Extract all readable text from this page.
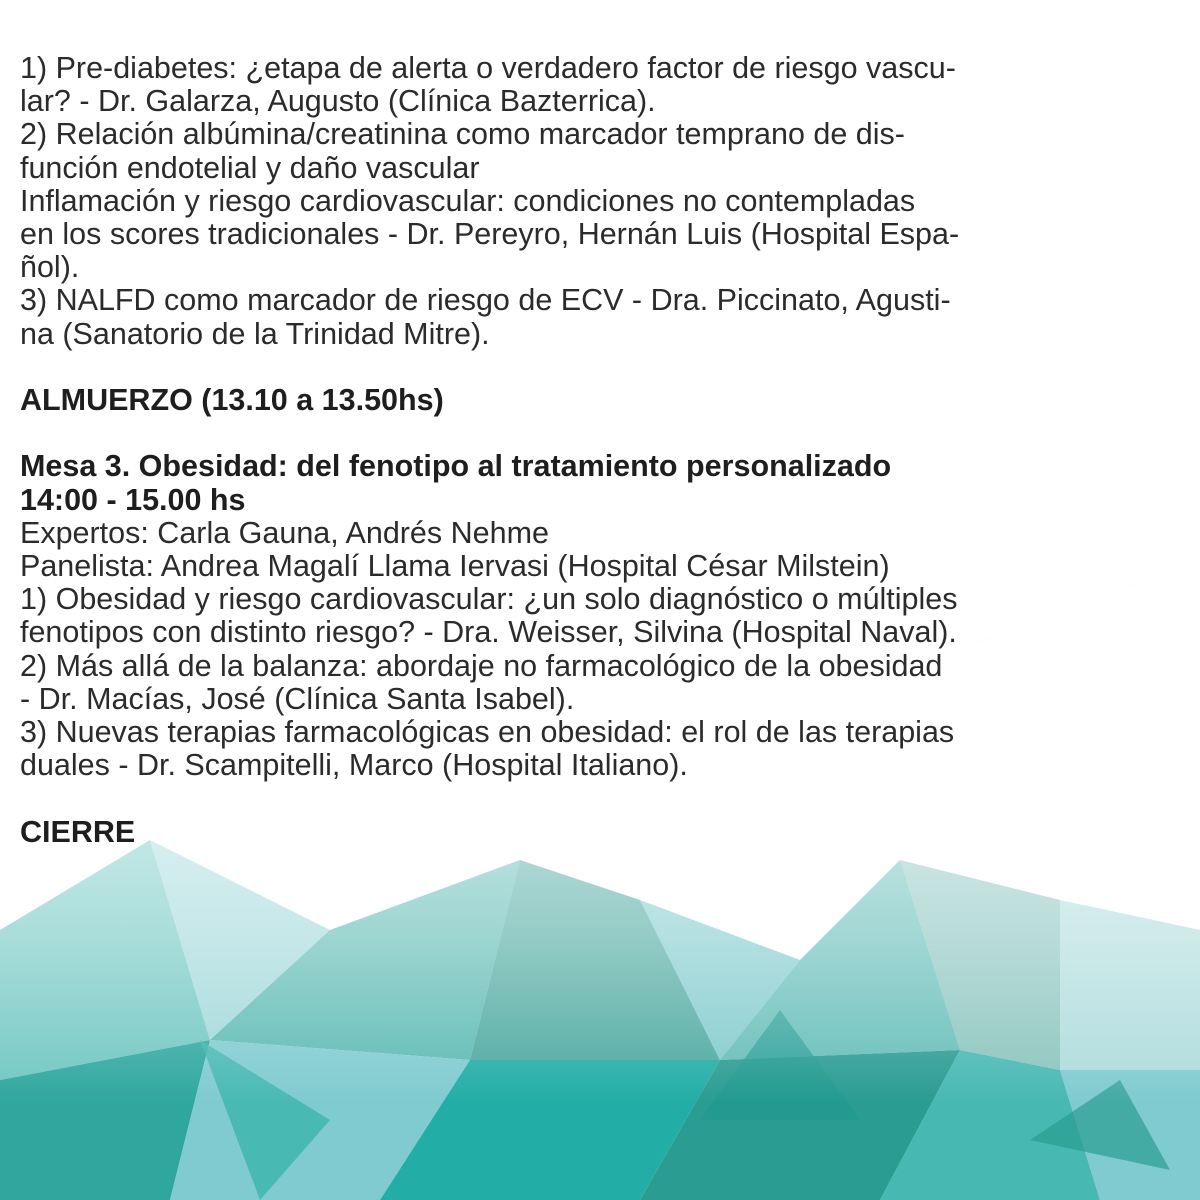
1) Pre-diabetes: ¿etapa de alerta o verdadero factor de riesgo vascu-
lar? - Dr. Galarza, Augusto (Clínica Bazterrica).
2) Relación albúmina/creatinina como marcador temprano de dis-
función endotelial y daño vascular
Inflamación y riesgo cardiovascular: condiciones no contempladas
en los scores tradicionales - Dr. Pereyro, Hernán Luis (Hospital Espa-
ñol).
3) NALFD como marcador de riesgo de ECV - Dra. Piccinato, Agusti-
na (Sanatorio de la Trinidad Mitre).
ALMUERZO (13.10 a 13.50hs)
Mesa 3. Obesidad: del fenotipo al tratamiento personalizado
14:00 - 15.00 hs
Expertos: Carla Gauna, Andrés Nehme
Panelista: Andrea Magalí Llama Iervasi (Hospital César Milstein)
1) Obesidad y riesgo cardiovascular: ¿un solo diagnóstico o múltiples
fenotipos con distinto riesgo? - Dra. Weisser, Silvina (Hospital Naval).
2) Más allá de la balanza: abordaje no farmacológico de la obesidad
- Dr. Macías, José (Clínica Santa Isabel).
3) Nuevas terapias farmacológicas en obesidad: el rol de las terapias
duales - Dr. Scampitelli, Marco (Hospital Italiano).
CIERRE
